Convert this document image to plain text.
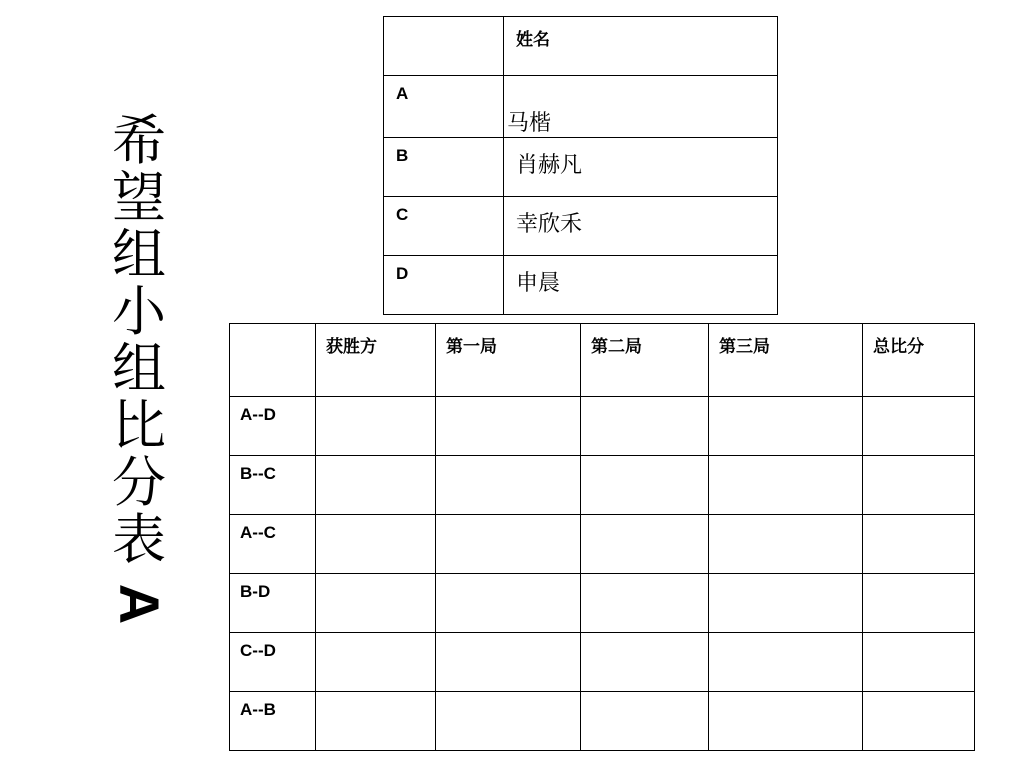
希
望
组
小
组
比
分
表
A

	姓名

A	马楷

B	肖赫凡

C	幸欣禾

D	申晨

	获胜方	第一局	第二局	第三局	总比分

A--D					

B--C					

A--C					

B-D					

C--D					

A--B					
